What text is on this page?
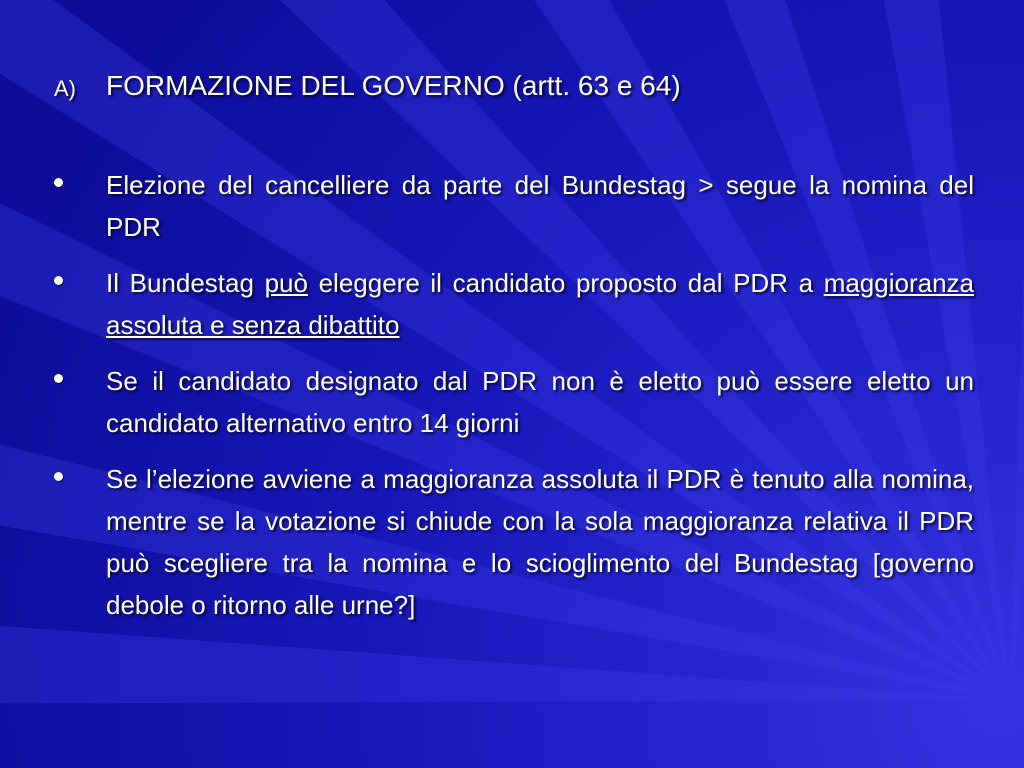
A) FORMAZIONE DEL GOVERNO (artt. 63 e 64)
Elezione del cancelliere da parte del Bundestag > segue la nomina del PDR
Il Bundestag può eleggere il candidato proposto dal PDR a maggioranza assoluta e senza dibattito
Se il candidato designato dal PDR non è eletto può essere eletto un candidato alternativo entro 14 giorni
Se l’elezione avviene a maggioranza assoluta il PDR è tenuto alla nomina, mentre se la votazione si chiude con la sola maggioranza relativa il PDR può scegliere tra la nomina e lo scioglimento del Bundestag [governo debole o ritorno alle urne?]
